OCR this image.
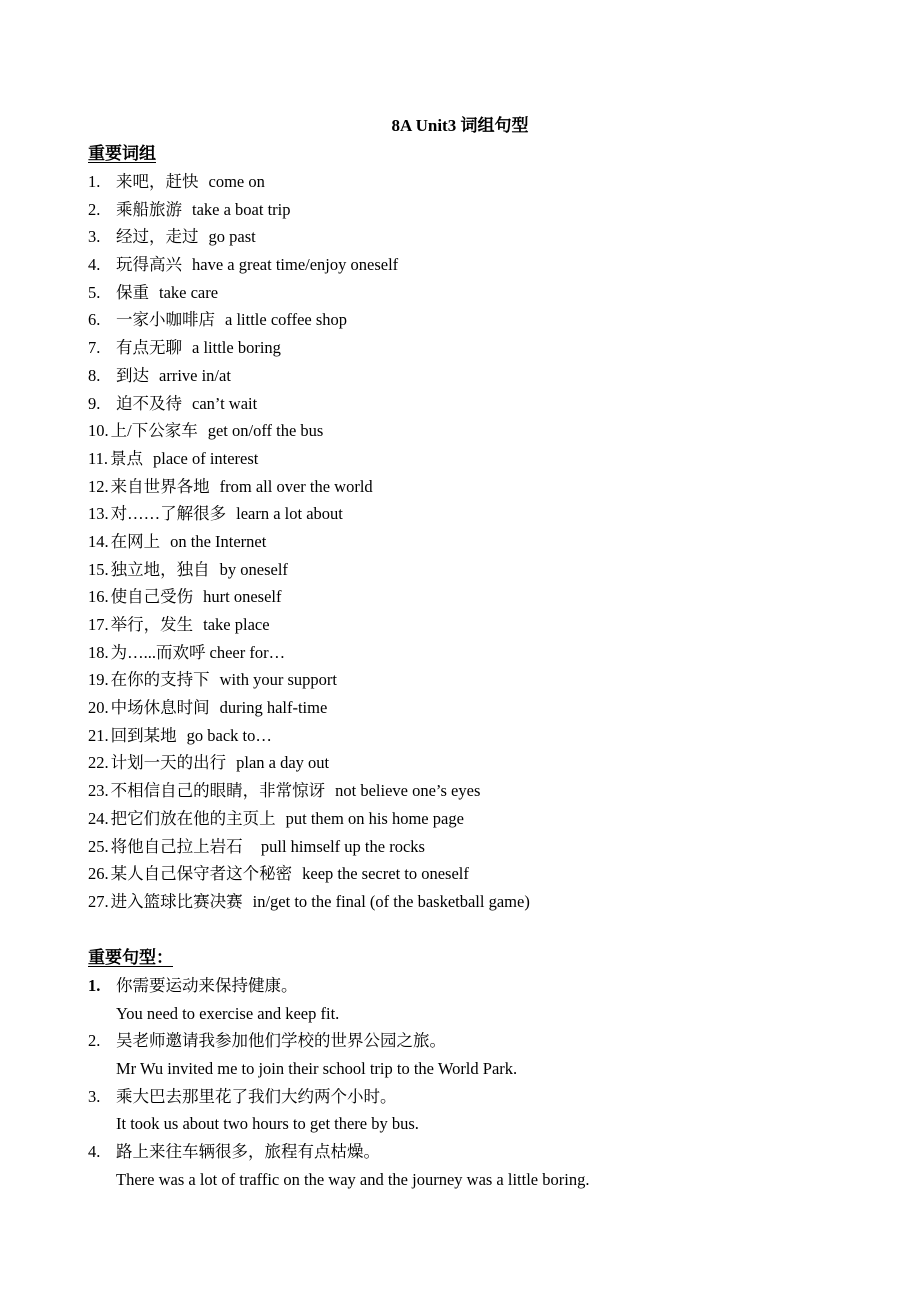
8A Unit3 词组句型
重要词组
1. 来吧，赶快 come on
2. 乘船旅游 take a boat trip
3. 经过，走过 go past
4. 玩得高兴 have a great time/enjoy oneself
5. 保重 take care
6. 一家小咖啡店 a little coffee shop
7. 有点无聊 a little boring
8. 到达 arrive in/at
9. 迫不及待 can’t wait
10. 上/下公家车 get on/off the bus
11. 景点 place of interest
12. 来自世界各地 from all over the world
13. 对……了解很多 learn a lot about
14. 在网上 on the Internet
15. 独立地，独自 by oneself
16. 使自己受伤 hurt oneself
17. 举行，发生 take place
18. 为…...而欢呼 cheer for…
19. 在你的支持下 with your support
20. 中场休息时间 during half-time
21. 回到某地 go back to…
22. 计划一天的出行 plan a day out
23. 不相信自己的眼睛，非常惊讶 not believe one’s eyes
24. 把它们放在他的主页上 put them on his home page
25. 将他自己拉上岩石 pull himself up the rocks
26. 某人自己保守者这个秘密 keep the secret to oneself
27. 进入篮球比赛决赛 in/get to the final (of the basketball game)
重要句型：
1. 你需要运动来保持健康。
You need to exercise and keep fit.
2. 吴老师邀请我参加他们学校的世界公园之旅。
Mr Wu invited me to join their school trip to the World Park.
3. 乘大巴去那里花了我们大约两个小时。
It took us about two hours to get there by bus.
4. 路上来往车辆很多，旅程有点枯燥。
There was a lot of traffic on the way and the journey was a little boring.
